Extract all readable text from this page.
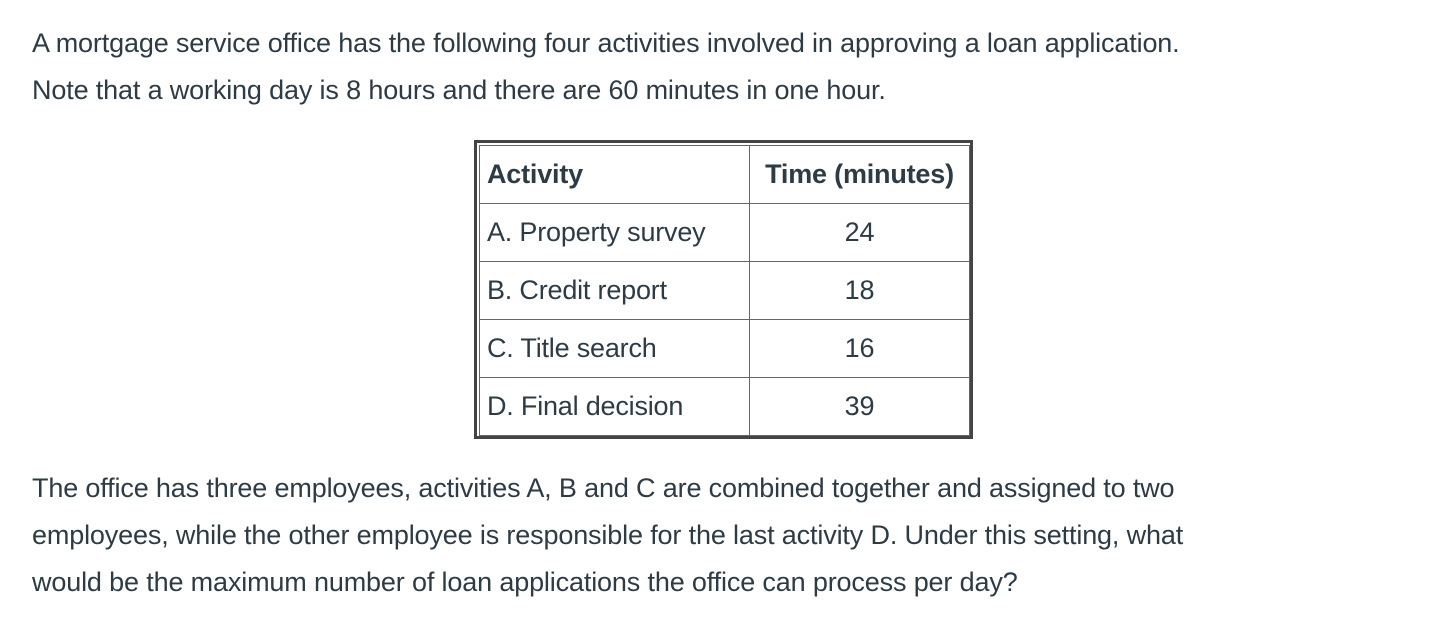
A mortgage service office has the following four activities involved in approving a loan application.
Note that a working day is 8 hours and there are 60 minutes in one hour.

Activity	Time (minutes)
A. Property survey	24
B. Credit report	18
C. Title search	16
D. Final decision	39

The office has three employees, activities A, B and C are combined together and assigned to two
employees, while the other employee is responsible for the last activity D. Under this setting, what
would be the maximum number of loan applications the office can process per day?
